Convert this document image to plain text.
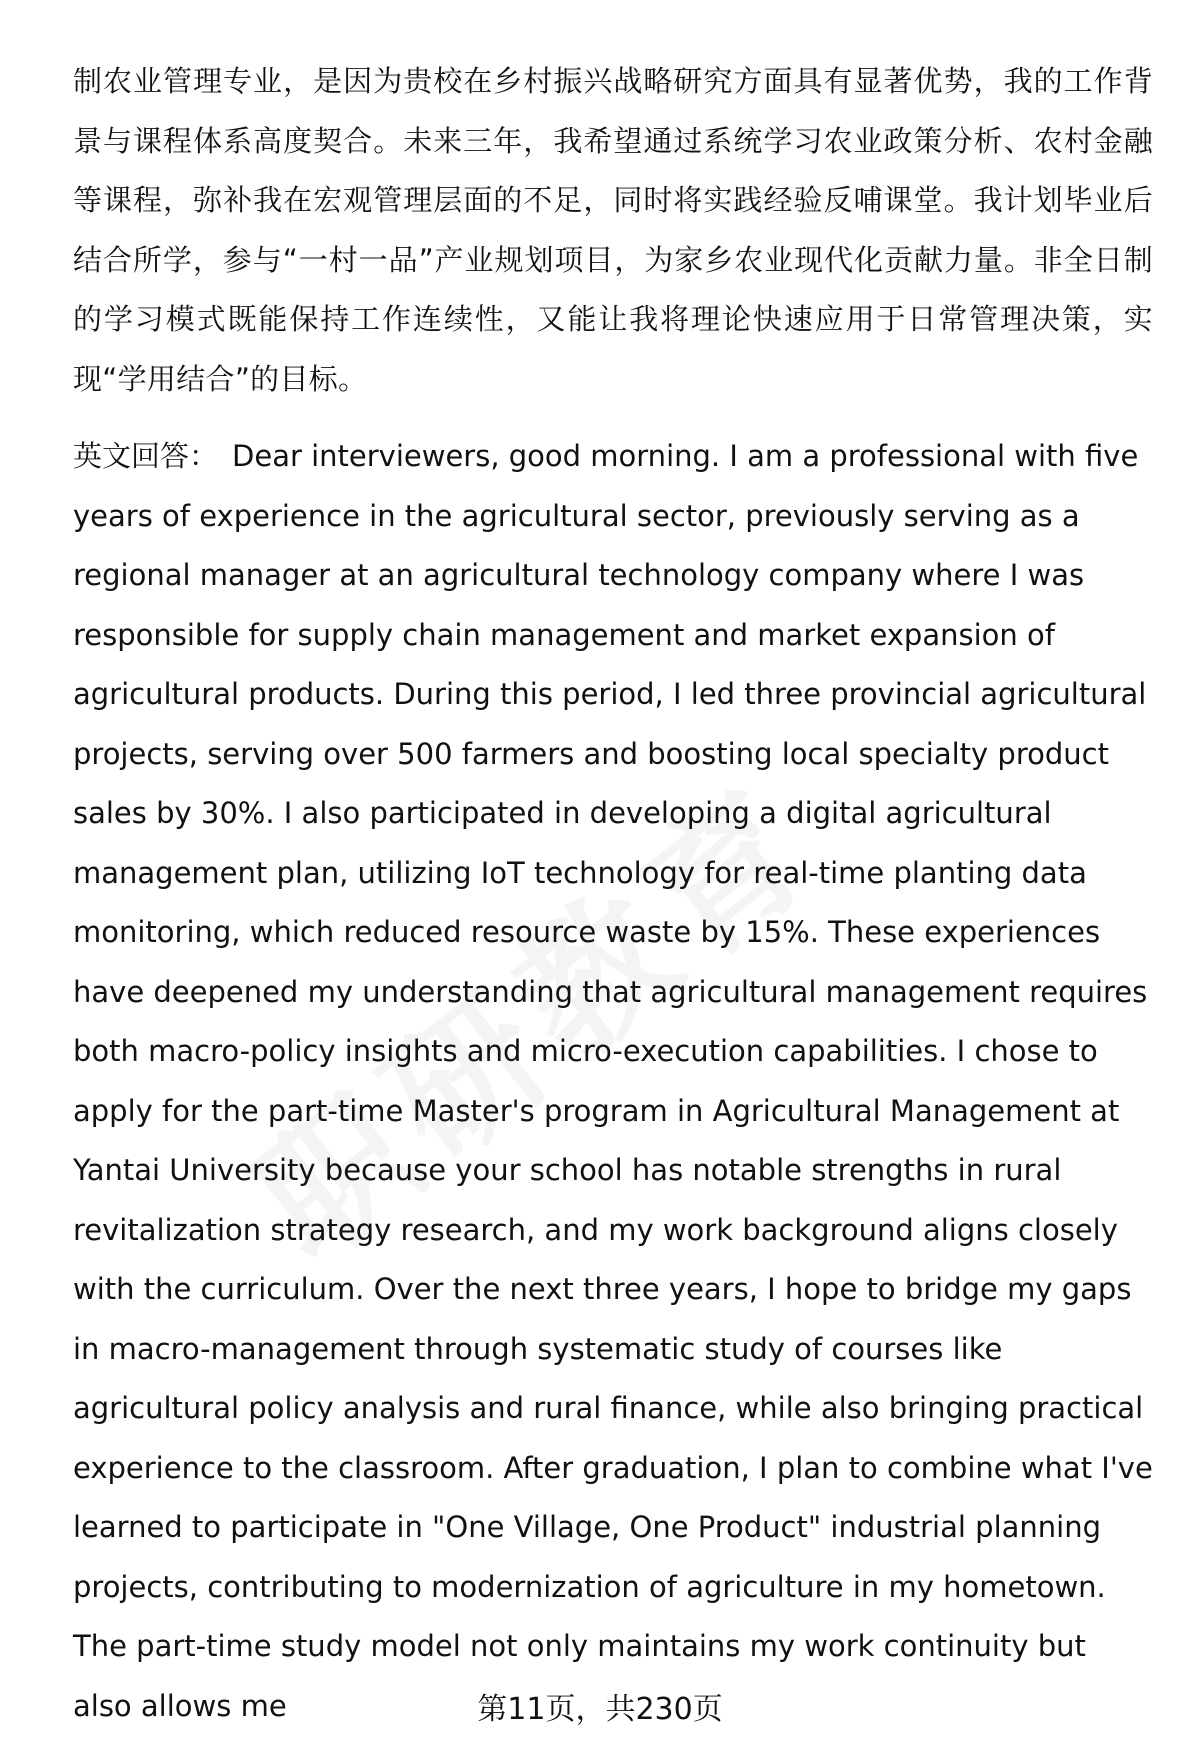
制农业管理专业，是因为贵校在乡村振兴战略研究方面具有显著优势，我的工作背景与课程体系高度契合。未来三年，我希望通过系统学习农业政策分析、农村金融等课程，弥补我在宏观管理层面的不足，同时将实践经验反哺课堂。我计划毕业后结合所学，参与“一村一品”产业规划项目，为家乡农业现代化贡献力量。非全日制的学习模式既能保持工作连续性，又能让我将理论快速应用于日常管理决策，实现“学用结合”的目标。

英文回答： Dear interviewers, good morning. I am a professional with five years of experience in the agricultural sector, previously serving as a regional manager at an agricultural technology company where I was responsible for supply chain management and market expansion of agricultural products. During this period, I led three provincial agricultural projects, serving over 500 farmers and boosting local specialty product sales by 30%. I also participated in developing a digital agricultural management plan, utilizing IoT technology for real-time planting data monitoring, which reduced resource waste by 15%. These experiences have deepened my understanding that agricultural management requires both macro-policy insights and micro-execution capabilities. I chose to apply for the part-time Master's program in Agricultural Management at Yantai University because your school has notable strengths in rural revitalization strategy research, and my work background aligns closely with the curriculum. Over the next three years, I hope to bridge my gaps in macro-management through systematic study of courses like agricultural policy analysis and rural finance, while also bringing practical experience to the classroom. After graduation, I plan to combine what I've learned to participate in "One Village, One Product" industrial planning projects, contributing to modernization of agriculture in my hometown. The part-time study model not only maintains my work continuity but also allows me	第11页，共230页
